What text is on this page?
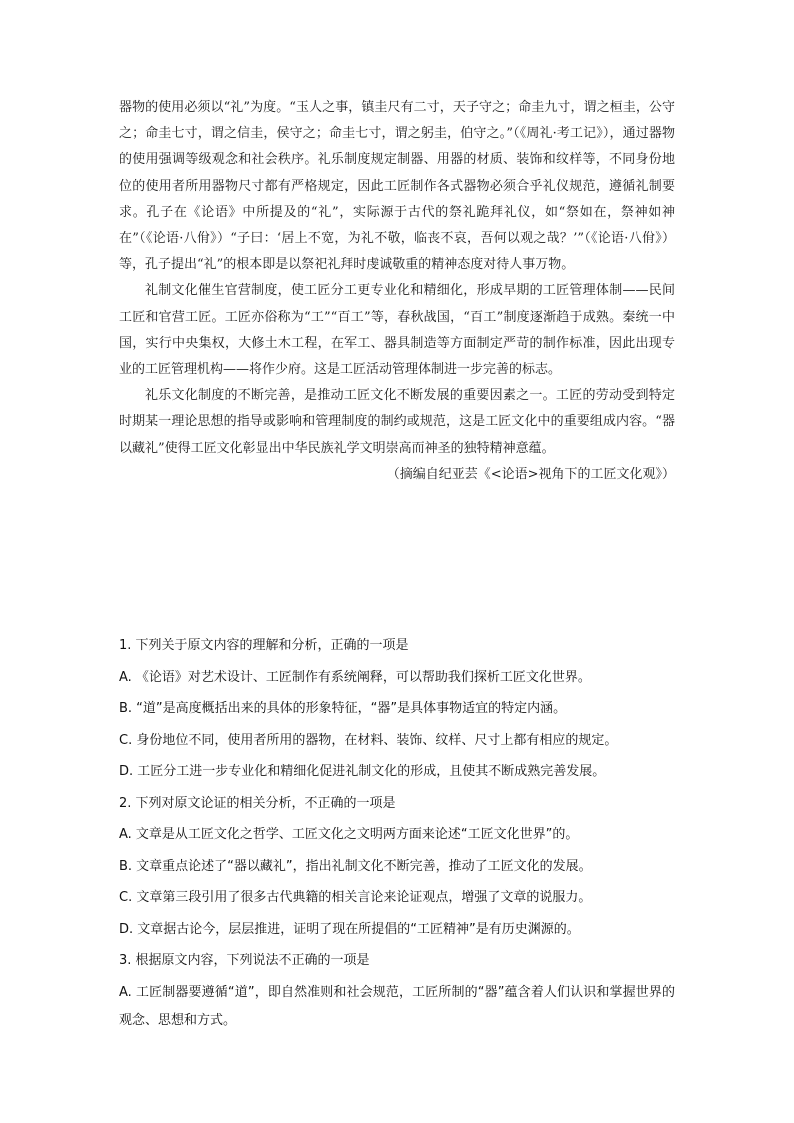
器物的使用必须以“礼”为度。“玉人之事，镇圭尺有二寸，天子守之；命圭九寸，谓之桓圭，公守之；命圭七寸，谓之信圭，侯守之；命圭七寸，谓之躬圭，伯守之。”（《周礼·考工记》），通过器物的使用强调等级观念和社会秩序。礼乐制度规定制器、用器的材质、装饰和纹样等，不同身份地位的使用者所用器物尺寸都有严格规定，因此工匠制作各式器物必须合乎礼仪规范，遵循礼制要求。孔子在《论语》中所提及的“礼”，实际源于古代的祭礼跪拜礼仪，如“祭如在，祭神如神在”（《论语·八佾》）“子曰：‘居上不宽，为礼不敬，临丧不哀，吾何以观之哉？’”（《论语·八佾》）等，孔子提出“礼”的根本即是以祭祀礼拜时虔诚敬重的精神态度对待人事万物。

礼制文化催生官营制度，使工匠分工更专业化和精细化，形成早期的工匠管理体制——民间工匠和官营工匠。工匠亦俗称为“工”“百工”等，春秋战国，“百工”制度逐渐趋于成熟。秦统一中国，实行中央集权，大修土木工程，在军工、器具制造等方面制定严苛的制作标准，因此出现专业的工匠管理机构——将作少府。这是工匠活动管理体制进一步完善的标志。

礼乐文化制度的不断完善，是推动工匠文化不断发展的重要因素之一。工匠的劳动受到特定时期某一理论思想的指导或影响和管理制度的制约或规范，这是工匠文化中的重要组成内容。“器以藏礼”使得工匠文化彰显出中华民族礼学文明崇高而神圣的独特精神意蕴。

（摘编自纪亚芸《<论语>视角下的工匠文化观》）

1. 下列关于原文内容的理解和分析，正确的一项是

A. 《论语》对艺术设计、工匠制作有系统阐释，可以帮助我们探析工匠文化世界。

B. “道”是高度概括出来的具体的形象特征，“器”是具体事物适宜的特定内涵。

C. 身份地位不同，使用者所用的器物，在材料、装饰、纹样、尺寸上都有相应的规定。

D. 工匠分工进一步专业化和精细化促进礼制文化的形成，且使其不断成熟完善发展。

2. 下列对原文论证的相关分析，不正确的一项是

A. 文章是从工匠文化之哲学、工匠文化之文明两方面来论述“工匠文化世界”的。

B. 文章重点论述了“器以藏礼”，指出礼制文化不断完善，推动了工匠文化的发展。

C. 文章第三段引用了很多古代典籍的相关言论来论证观点，增强了文章的说服力。

D. 文章据古论今，层层推进，证明了现在所提倡的“工匠精神”是有历史渊源的。

3. 根据原文内容，下列说法不正确的一项是

A. 工匠制器要遵循“道”，即自然准则和社会规范，工匠所制的“器”蕴含着人们认识和掌握世界的观念、思想和方式。
